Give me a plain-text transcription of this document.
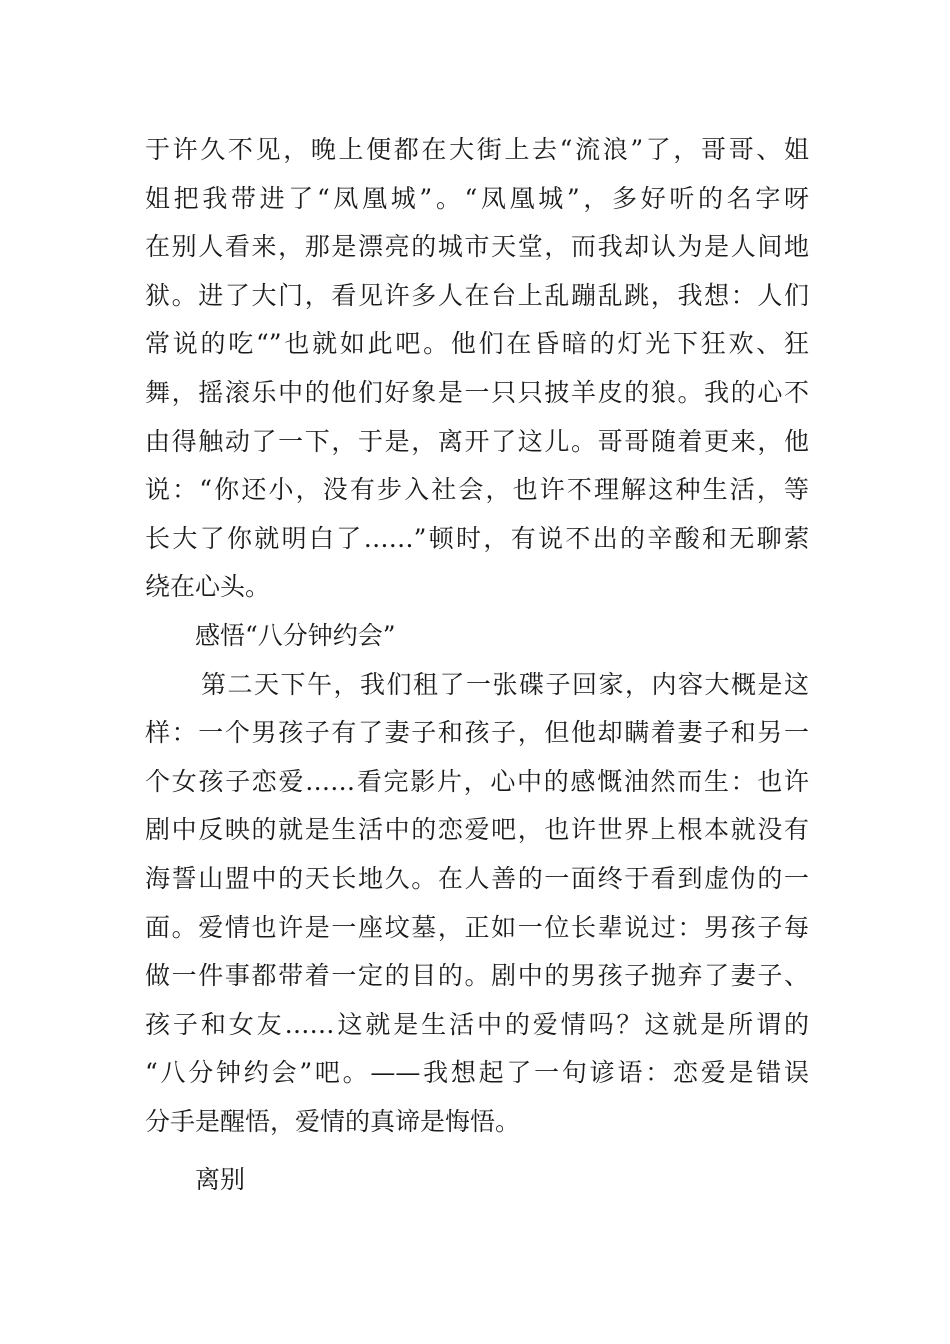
于许久不见，晚上便都在大街上去“流浪”了，哥哥、姐
姐把我带进了“凤凰城”。“凤凰城”，多好听的名字呀
在别人看来，那是漂亮的城市天堂，而我却认为是人间地
狱。进了大门，看见许多人在台上乱蹦乱跳，我想：人们
常说的吃“”也就如此吧。他们在昏暗的灯光下狂欢、狂
舞，摇滚乐中的他们好象是一只只披羊皮的狼。我的心不
由得触动了一下，于是，离开了这儿。哥哥随着更来，他
说：“你还小，没有步入社会，也许不理解这种生活，等
长大了你就明白了……”顿时，有说不出的辛酸和无聊萦
绕在心头。
感悟“八分钟约会”
第二天下午，我们租了一张碟子回家，内容大概是这
样：一个男孩子有了妻子和孩子，但他却瞒着妻子和另一
个女孩子恋爱……看完影片，心中的感慨油然而生：也许
剧中反映的就是生活中的恋爱吧，也许世界上根本就没有
海誓山盟中的天长地久。在人善的一面终于看到虚伪的一
面。爱情也许是一座坟墓，正如一位长辈说过：男孩子每
做一件事都带着一定的目的。剧中的男孩子抛弃了妻子、
孩子和女友……这就是生活中的爱情吗？这就是所谓的
“八分钟约会”吧。——我想起了一句谚语：恋爱是错误
分手是醒悟，爱情的真谛是悔悟。
离别
